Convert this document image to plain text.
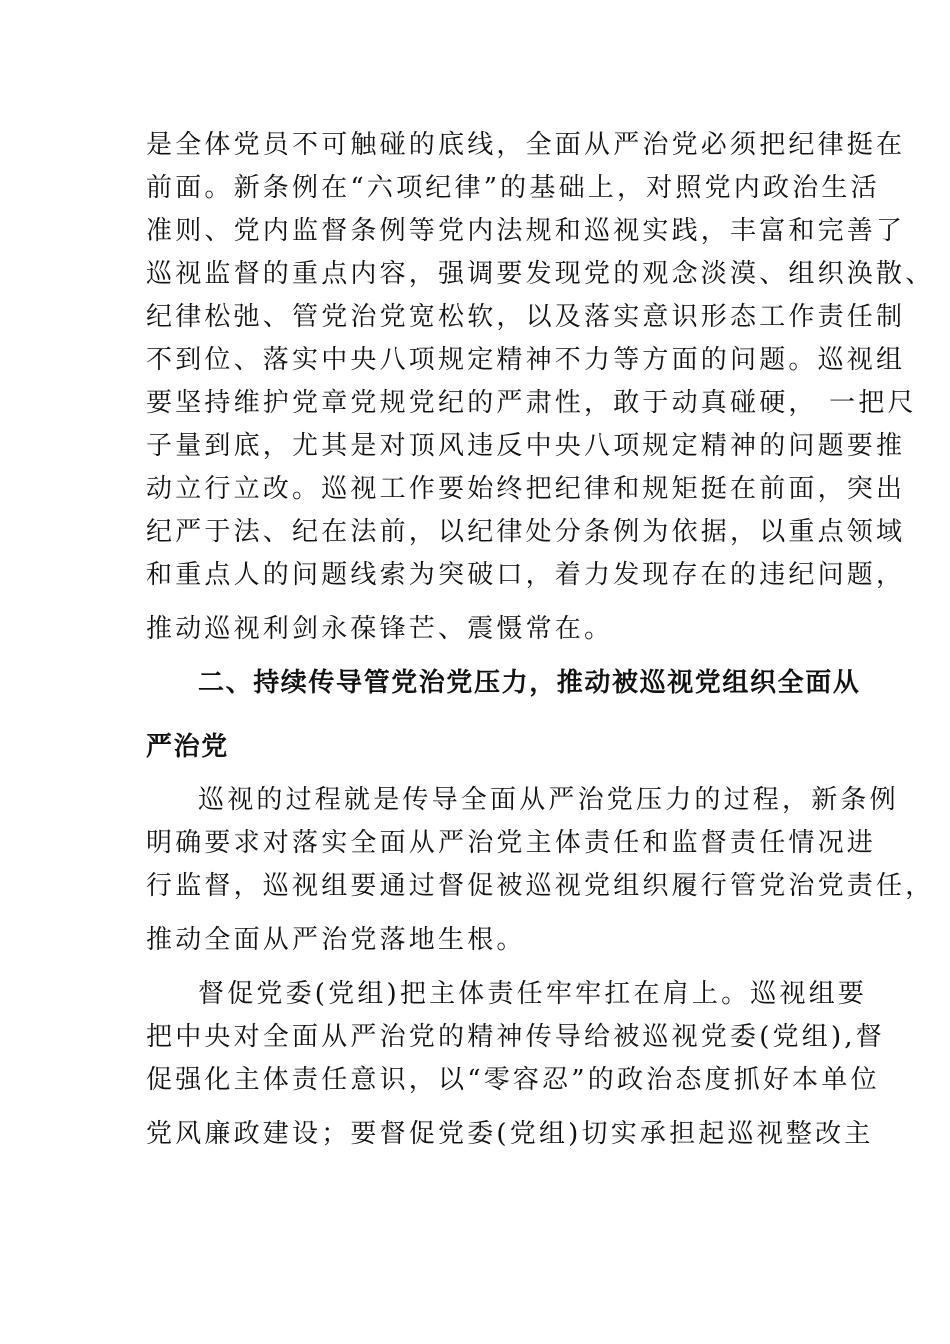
是全体党员不可触碰的底线，全面从严治党必须把纪律挺在
前面。新条例在“六项纪律”的基础上，对照党内政治生活
准则、党内监督条例等党内法规和巡视实践，丰富和完善了
巡视监督的重点内容，强调要发现党的观念淡漠、组织涣散、
纪律松弛、管党治党宽松软，以及落实意识形态工作责任制
不到位、落实中央八项规定精神不力等方面的问题。巡视组
要坚持维护党章党规党纪的严肃性，敢于动真碰硬， 一把尺
子量到底，尤其是对顶风违反中央八项规定精神的问题要推
动立行立改。巡视工作要始终把纪律和规矩挺在前面，突出
纪严于法、纪在法前，以纪律处分条例为依据，以重点领域
和重点人的问题线索为突破口，着力发现存在的违纪问题，
推动巡视利剑永葆锋芒、震慑常在。
二、持续传导管党治党压力，推动被巡视党组织全面从
严治党
巡视的过程就是传导全面从严治党压力的过程，新条例
明确要求对落实全面从严治党主体责任和监督责任情况进
行监督，巡视组要通过督促被巡视党组织履行管党治党责任，
推动全面从严治党落地生根。
督促党委(党组)把主体责任牢牢扛在肩上。巡视组要
把中央对全面从严治党的精神传导给被巡视党委(党组),督
促强化主体责任意识，以“零容忍”的政治态度抓好本单位
党风廉政建设；要督促党委(党组)切实承担起巡视整改主
